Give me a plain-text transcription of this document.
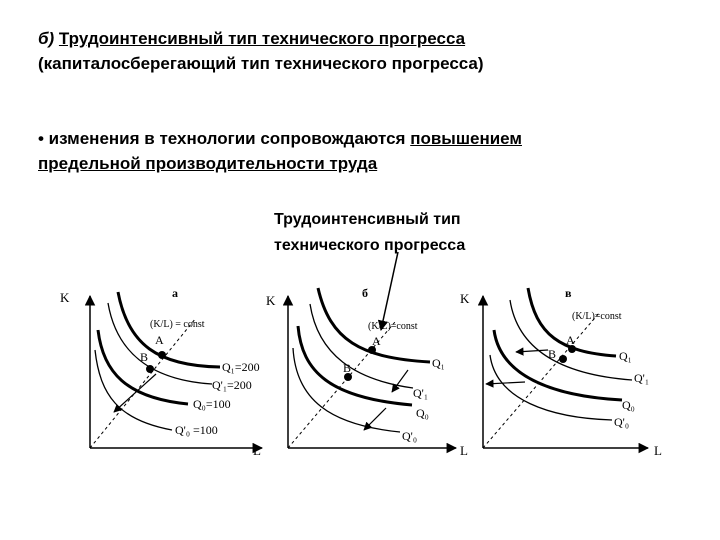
б) Трудоинтенсивный тип технического прогресса
(капиталосберегающий тип технического прогресса)
• изменения в технологии сопровождаются повышением
предельной производительности труда
Трудоинтенсивный тип
технического прогресса
а
K
L
(K/L) = const
A
B
Q₁=200
Q'₁=200
Q₀=100
Q'₀ =100
б
K
L
(K/L)=const
A
B	Q₁
Q'₁
Q₀
Q'₀
в
K
L
(K/L)=const
A
B	Q₁
Q'₁
Q₀
Q'₀
